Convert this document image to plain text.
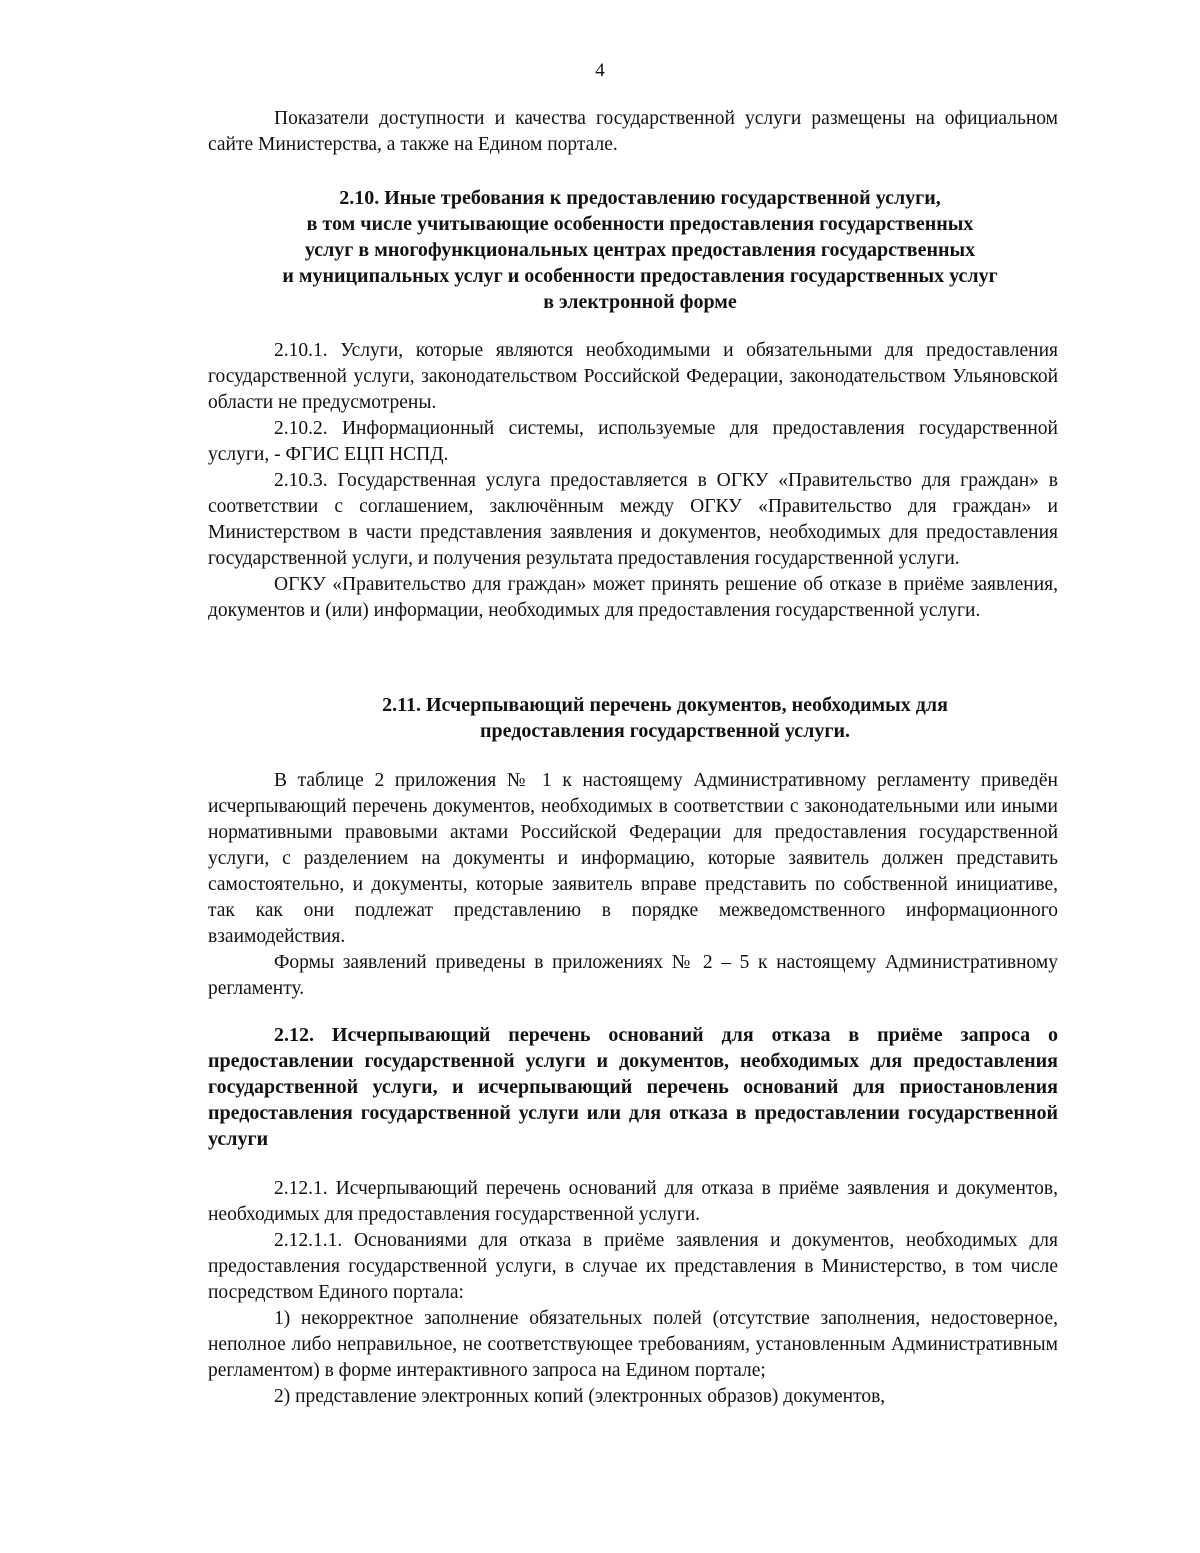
4

Показатели доступности и качества государственной услуги размещены на официальном сайте Министерства, а также на Едином портале.

2.10. Иные требования к предоставлению государственной услуги,
в том числе учитывающие особенности предоставления государственных
услуг в многофункциональных центрах предоставления государственных
и муниципальных услуг и особенности предоставления государственных услуг
в электронной форме

2.10.1. Услуги, которые являются необходимыми и обязательными для предоставления государственной услуги, законодательством Российской Федерации, законодательством Ульяновской области не предусмотрены.

2.10.2. Информационный системы, используемые для предоставления государственной услуги, - ФГИС ЕЦП НСПД.

2.10.3. Государственная услуга предоставляется в ОГКУ «Правительство для граждан» в соответствии с соглашением, заключённым между ОГКУ «Правительство для граждан» и Министерством в части представления заявления и документов, необходимых для предоставления государственной услуги, и получения результата предоставления государственной услуги.

ОГКУ «Правительство для граждан» может принять решение об отказе в приёме заявления, документов и (или) информации, необходимых для предоставления государственной услуги.

2.11. Исчерпывающий перечень документов, необходимых для
предоставления государственной услуги.

В таблице 2 приложения № 1 к настоящему Административному регламенту приведён исчерпывающий перечень документов, необходимых в соответствии с законодательными или иными нормативными правовыми актами Российской Федерации для предоставления государственной услуги, с разделением на документы и информацию, которые заявитель должен представить самостоятельно, и документы, которые заявитель вправе представить по собственной инициативе, так как они подлежат представлению в порядке межведомственного информационного взаимодействия.

Формы заявлений приведены в приложениях № 2 – 5 к настоящему Административному регламенту.

2.12. Исчерпывающий перечень оснований для отказа в приёме запроса о предоставлении государственной услуги и документов, необходимых для предоставления государственной услуги, и исчерпывающий перечень оснований для приостановления предоставления государственной услуги или для отказа в предоставлении государственной услуги

2.12.1. Исчерпывающий перечень оснований для отказа в приёме заявления и документов, необходимых для предоставления государственной услуги.

2.12.1.1. Основаниями для отказа в приёме заявления и документов, необходимых для предоставления государственной услуги, в случае их представления в Министерство, в том числе посредством Единого портала:

1) некорректное заполнение обязательных полей (отсутствие заполнения, недостоверное, неполное либо неправильное, не соответствующее требованиям, установленным Административным регламентом) в форме интерактивного запроса на Едином портале;

2) представление электронных копий (электронных образов) документов,
